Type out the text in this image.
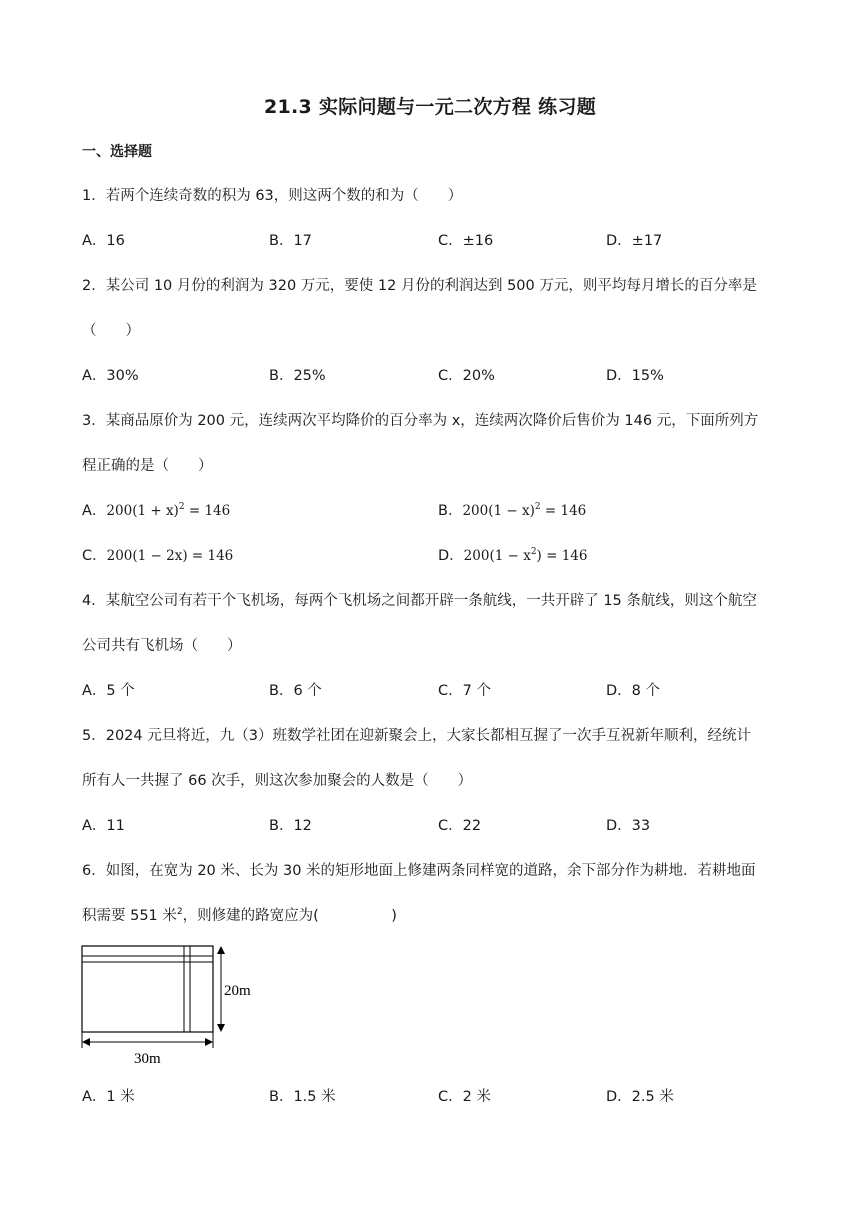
21.3 实际问题与一元二次方程 练习题
一、选择题
1．若两个连续奇数的积为 63，则这两个数的和为（　　）
A．16	B．17	C．±16	D．±17
2．某公司 10 月份的利润为 320 万元，要使 12 月份的利润达到 500 万元，则平均每月增长的百分率是
（　　）
A．30%	B．25%	C．20%	D．15%
3．某商品原价为 200 元，连续两次平均降价的百分率为 x，连续两次降价后售价为 146 元，下面所列方
程正确的是（　　）
A．$200(1 + x)^2 = 146$	B．$200(1 - x)^2 = 146$
C．200(1 − 2x) = 146	D．$200(1 - x^2) = 146$
4．某航空公司有若干个飞机场，每两个飞机场之间都开辟一条航线，一共开辟了 15 条航线，则这个航空
公司共有飞机场（　　）
A．5 个	B．6 个	C．7 个	D．8 个
5．2024 元旦将近，九（3）班数学社团在迎新聚会上，大家长都相互握了一次手互祝新年顺利，经统计
所有人一共握了 66 次手，则这次参加聚会的人数是（　　）
A．11	B．12	C．22	D．33
6．如图，在宽为 20 米、长为 30 米的矩形地面上修建两条同样宽的道路，余下部分作为耕地．若耕地面
积需要 551 米$^2$，则修建的路宽应为(　　　　　)
20m
30m
A．1 米	B．1.5 米	C．2 米	D．2.5 米
